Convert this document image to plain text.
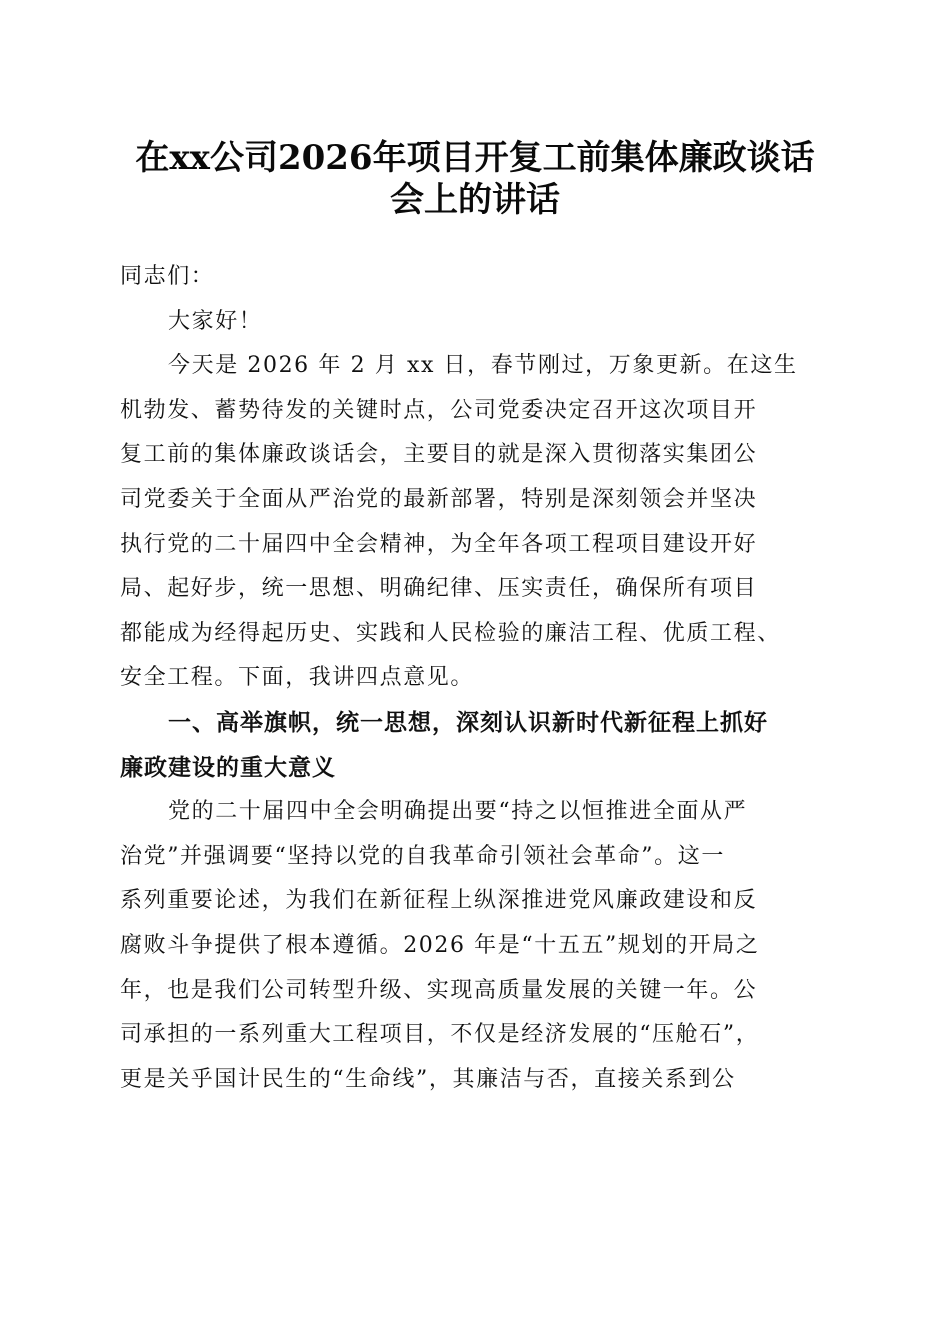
在xx公司2026年项目开复工前集体廉政谈话
会上的讲话

同志们：

大家好！

今天是 2026 年 2 月 xx 日，春节刚过，万象更新。在这生
机勃发、蓄势待发的关键时点，公司党委决定召开这次项目开
复工前的集体廉政谈话会，主要目的就是深入贯彻落实集团公
司党委关于全面从严治党的最新部署，特别是深刻领会并坚决
执行党的二十届四中全会精神，为全年各项工程项目建设开好
局、起好步，统一思想、明确纪律、压实责任，确保所有项目
都能成为经得起历史、实践和人民检验的廉洁工程、优质工程、
安全工程。下面，我讲四点意见。

一、高举旗帜，统一思想，深刻认识新时代新征程上抓好
廉政建设的重大意义

党的二十届四中全会明确提出要“持之以恒推进全面从严
治党”并强调要“坚持以党的自我革命引领社会革命”。这一
系列重要论述，为我们在新征程上纵深推进党风廉政建设和反
腐败斗争提供了根本遵循。2026 年是“十五五”规划的开局之
年，也是我们公司转型升级、实现高质量发展的关键一年。公
司承担的一系列重大工程项目，不仅是经济发展的“压舱石”，
更是关乎国计民生的“生命线”，其廉洁与否，直接关系到公
